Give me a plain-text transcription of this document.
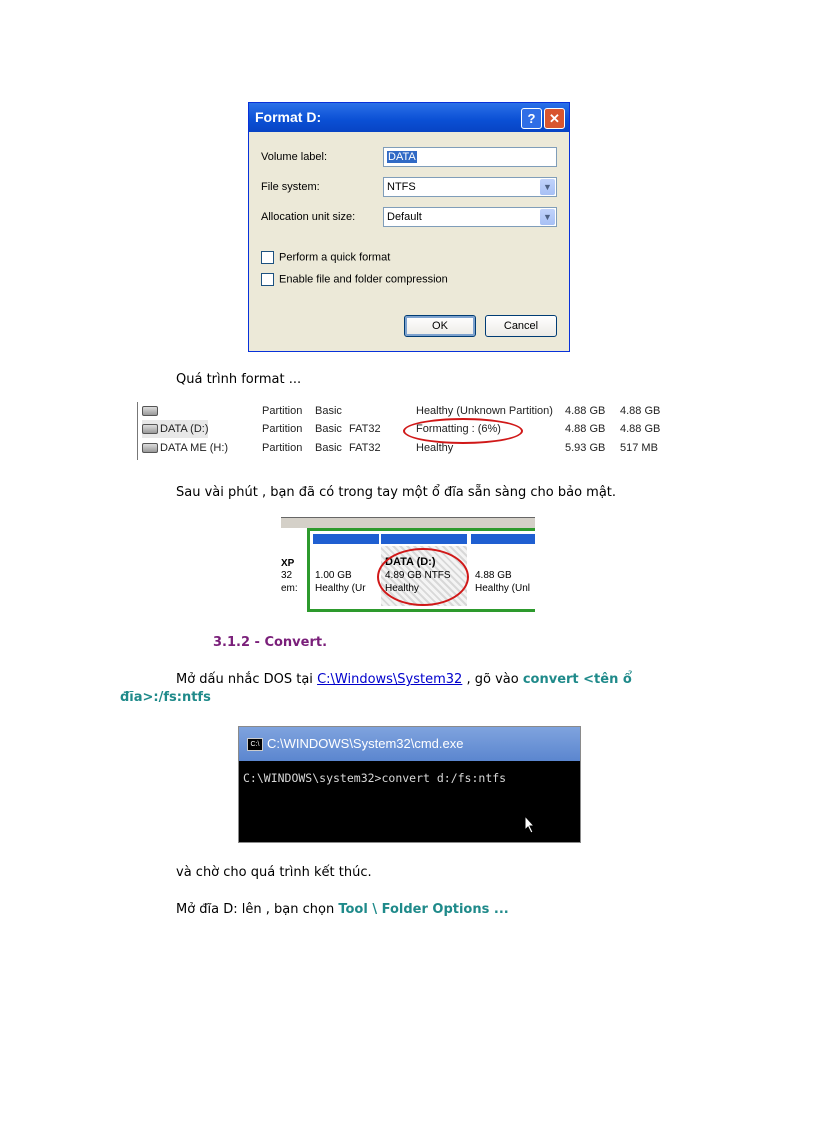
Format D:	?	✕
Volume label:	DATA
File system:	NTFS	▼
Allocation unit size:	Default	▼
Perform a quick format
Enable file and folder compression
OK	Cancel

Quá trình format ...

Partition Basic	Healthy (Unknown Partition) 4.88 GB 4.88 GB
DATA (D:)	Partition Basic FAT32	Formatting : (6%)	4.88 GB 4.88 GB
DATA ME (H:)	Partition Basic FAT32	Healthy	5.93 GB 517 MB

Sau vài phút , bạn đã có trong tay một ổ đĩa sẵn sàng cho bảo mật.

XP
32
em:
1.00 GB
Healthy (Ur
DATA (D:)
4.89 GB NTFS
Healthy
4.88 GB
Healthy (Unl

3.1.2 - Convert.

Mở dấu nhắc DOS tại C:\Windows\System32 , gõ vào convert <tên ổ

đĩa>:/fs:ntfs

C:\ C:\WINDOWS\System32\cmd.exe
C:\WINDOWS\system32>convert d:/fs:ntfs

và chờ cho quá trình kết thúc.

Mở đĩa D: lên , bạn chọn Tool \ Folder Options ...
